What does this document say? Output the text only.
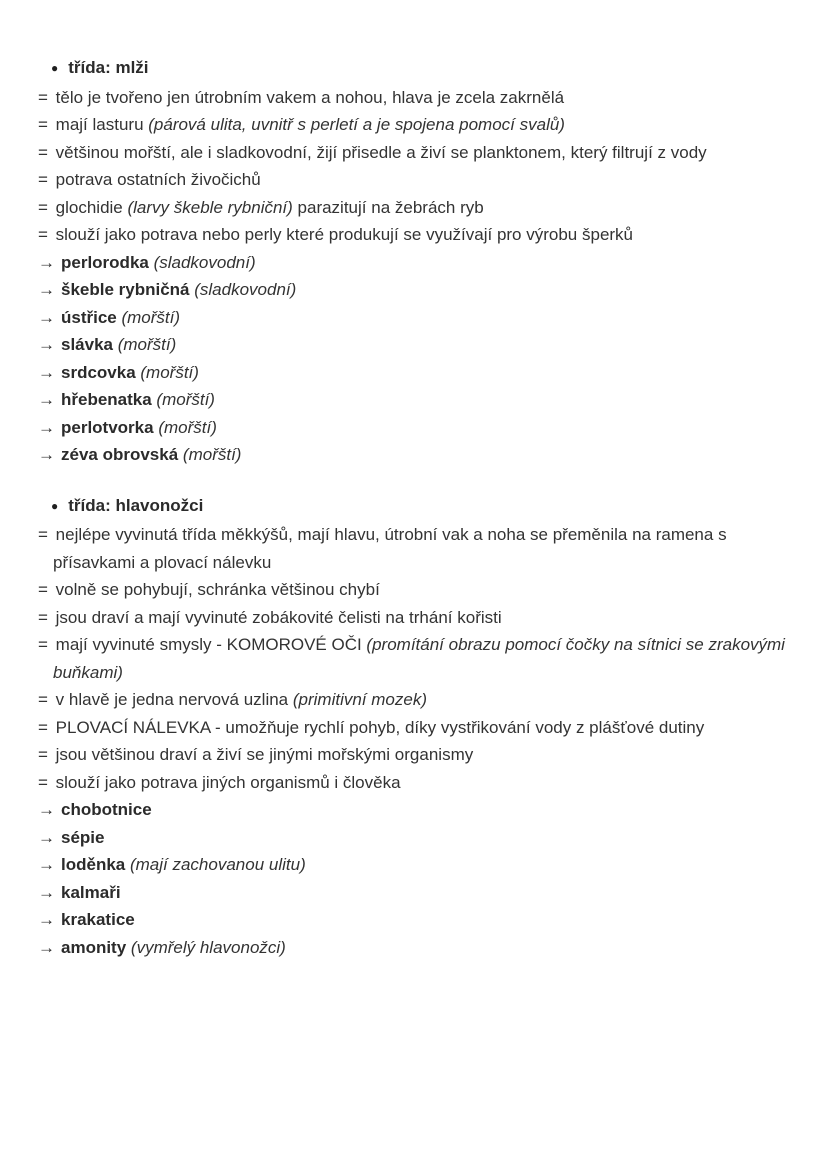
● třída: mlži
= tělo je tvořeno jen útrobním vakem a nohou, hlava je zcela zakrnělá
= mají lasturu (párová ulita, uvnitř s perletí a je spojena pomocí svalů)
= většinou mořští, ale i sladkovodní, žijí přisedle a živí se planktonem, který filtrují z vody
= potrava ostatních živočichů
= glochidie (larvy škeble rybniční) parazitují na žebrách ryb
= slouží jako potrava nebo perly které produkují se využívají pro výrobu šperků
→ perlorodka (sladkovodní)
→ škeble rybničná (sladkovodní)
→ ústřice (mořští)
→ slávka (mořští)
→ srdcovka (mořští)
→ hřebenatka (mořští)
→ perlotvorka (mořští)
→ zéva obrovská (mořští)
● třída: hlavonožci
= nejlépe vyvinutá třída měkkýšů, mají hlavu, útrobní vak a noha se přeměnila na ramena s přísavkami a plovací nálevku
= volně se pohybují, schránka většinou chybí
= jsou draví a mají vyvinuté zobákovité čelisti na trhání kořisti
= mají vyvinuté smysly - KOMOROVÉ OČI (promítání obrazu pomocí čočky na sítnici se zrakovými buňkami)
= v hlavě je jedna nervová uzlina (primitivní mozek)
= PLOVACÍ NÁLEVKA - umožňuje rychlí pohyb, díky vystřikování vody z plášťové dutiny
= jsou většinou draví a živí se jinými mořskými organismy
= slouží jako potrava jiných organismů i člověka
→ chobotnice
→ sépie
→ loděnka (mají zachovanou ulitu)
→ kalmaři
→ krakatice
→ amonity (vymřelý hlavonožci)
